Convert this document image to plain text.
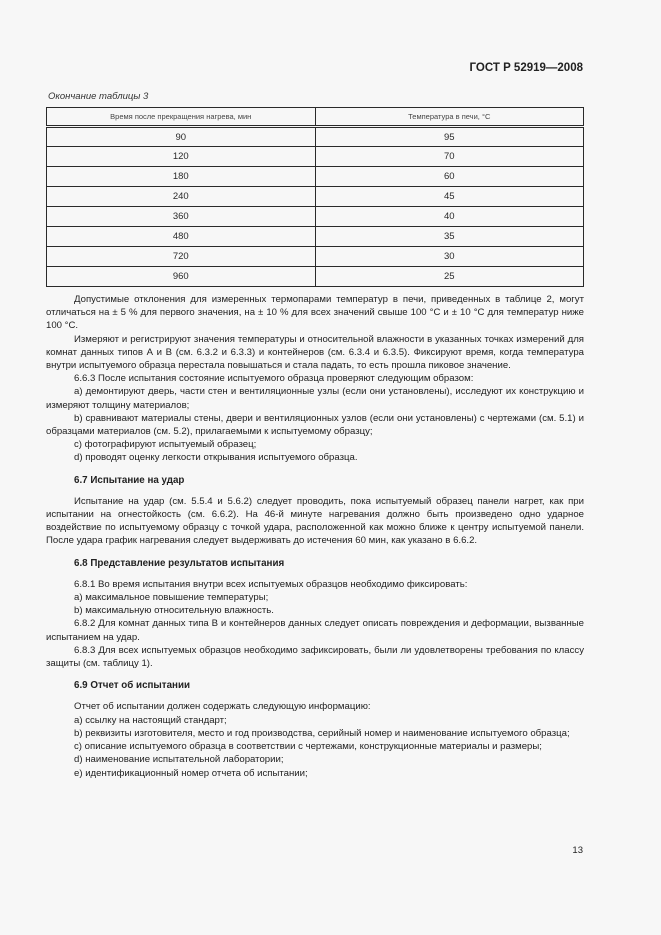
ГОСТ Р 52919—2008
Окончание таблицы 3
Время после прекращения нагрева, мин	Температура в печи, °С
90	95
120	70
180	60
240	45
360	40
480	35
720	30
960	25

Допустимые отклонения для измеренных термопарами температур в печи, приведенных в таблице 2, могут отличаться на ± 5 % для первого значения, на ± 10 % для всех значений свыше 100 °С и ± 10 °С для температур ниже 100 °С.

Измеряют и регистрируют значения температуры и относительной влажности в указанных точках измерений для комнат данных типов А и В (см. 6.3.2 и 6.3.3) и контейнеров (см. 6.3.4 и 6.3.5). Фиксируют время, когда температура внутри испытуемого образца перестала повышаться и стала падать, то есть прошла пиковое значение.

6.6.3 После испытания состояние испытуемого образца проверяют следующим образом:

a) демонтируют дверь, части стен и вентиляционные узлы (если они установлены), исследуют их конструкцию и измеряют толщину материалов;

b) сравнивают материалы стены, двери и вентиляционных узлов (если они установлены) с чертежами (см. 5.1) и образцами материалов (см. 5.2), прилагаемыми к испытуемому образцу;

c) фотографируют испытуемый образец;

d) проводят оценку легкости открывания испытуемого образца.

6.7 Испытание на удар

Испытание на удар (см. 5.5.4 и 5.6.2) следует проводить, пока испытуемый образец панели нагрет, как при испытании на огнестойкость (см. 6.6.2). На 46-й минуте нагревания должно быть произведено одно ударное воздействие по испытуемому образцу с точкой удара, расположенной как можно ближе к центру испытуемой панели. После удара график нагревания следует выдерживать до истечения 60 мин, как указано в 6.6.2.

6.8 Представление результатов испытания

6.8.1 Во время испытания внутри всех испытуемых образцов необходимо фиксировать:

a) максимальное повышение температуры;

b) максимальную относительную влажность.

6.8.2 Для комнат данных типа В и контейнеров данных следует описать повреждения и деформации, вызванные испытанием на удар.

6.8.3 Для всех испытуемых образцов необходимо зафиксировать, были ли удовлетворены требования по классу защиты (см. таблицу 1).

6.9 Отчет об испытании

Отчет об испытании должен содержать следующую информацию:

a) ссылку на настоящий стандарт;

b) реквизиты изготовителя, место и год производства, серийный номер и наименование испытуемого образца;

c) описание испытуемого образца в соответствии с чертежами, конструкционные материалы и размеры;

d) наименование испытательной лаборатории;

e) идентификационный номер отчета об испытании;

13
